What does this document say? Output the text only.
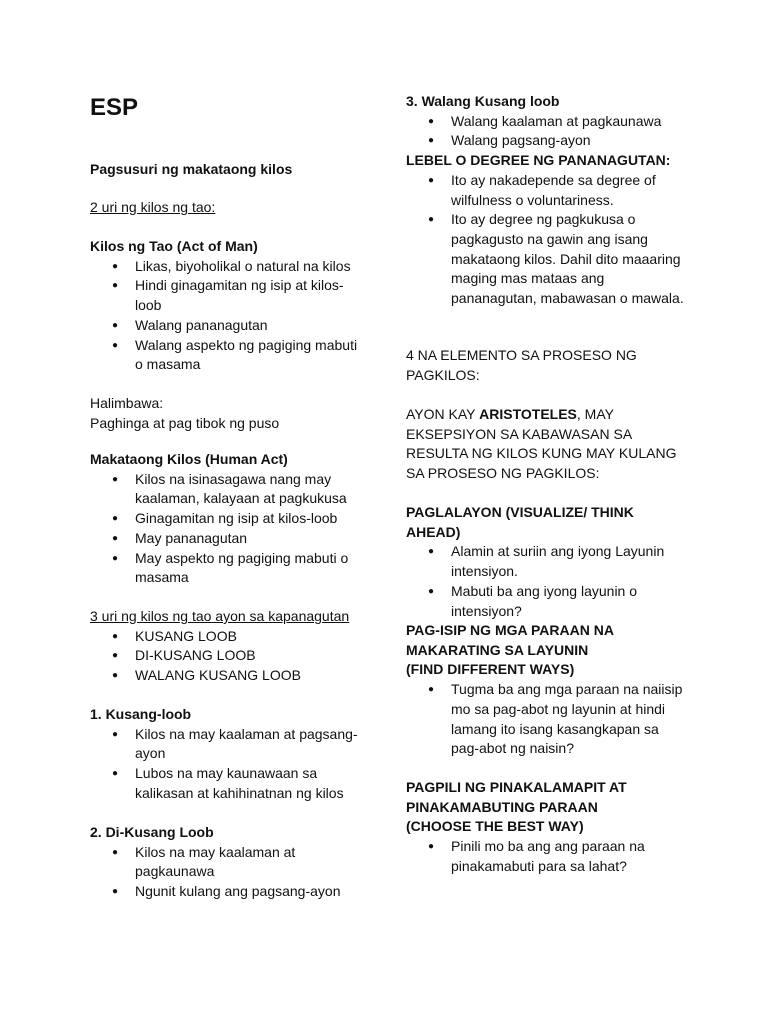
ESP

Pagsusuri ng makataong kilos

2 uri ng kilos ng tao:

Kilos ng Tao (Act of Man)

● Likas, biyoholikal o natural na kilos
● Hindi ginagamitan ng isip at kilos-loob
● Walang pananagutan
● Walang aspekto ng pagiging mabuti o masama

Halimbawa:

Paghinga at pag tibok ng puso

Makataong Kilos (Human Act)

● Kilos na isinasagawa nang may kaalaman, kalayaan at pagkukusa
● Ginagamitan ng isip at kilos-loob
● May pananagutan
● May aspekto ng pagiging mabuti o masama

3 uri ng kilos ng tao ayon sa kapanagutan

● KUSANG LOOB
● DI-KUSANG LOOB
● WALANG KUSANG LOOB

1. Kusang-loob

● Kilos na may kaalaman at pagsang-ayon
● Lubos na may kaunawaan sa kalikasan at kahihinatnan ng kilos

2. Di-Kusang Loob

● Kilos na may kaalaman at pagkaunawa
● Ngunit kulang ang pagsang-ayon

3. Walang Kusang loob

● Walang kaalaman at pagkaunawa
● Walang pagsang-ayon

LEBEL O DEGREE NG PANANAGUTAN:

● Ito ay nakadepende sa degree of wilfulness o voluntariness.
● Ito ay degree ng pagkukusa o pagkagusto na gawin ang isang makataong kilos. Dahil dito maaaring maging mas mataas ang pananagutan, mabawasan o mawala.

4 NA ELEMENTO SA PROSESO NG PAGKILOS:

AYON KAY ARISTOTELES, MAY EKSEPSIYON SA KABAWASAN SA RESULTA NG KILOS KUNG MAY KULANG SA PROSESO NG PAGKILOS:

PAGLALAYON (VISUALIZE/ THINK AHEAD)

● Alamin at suriin ang iyong Layunin intensiyon.
● Mabuti ba ang iyong layunin o intensiyon?

PAG-ISIP NG MGA PARAAN NA MAKARATING SA LAYUNIN

(FIND DIFFERENT WAYS)

● Tugma ba ang mga paraan na naiisip mo sa pag-abot ng layunin at hindi lamang ito isang kasangkapan sa pag-abot ng naisin?

PAGPILI NG PINAKALAMAPIT AT PINAKAMABUTING PARAAN

(CHOOSE THE BEST WAY)

● Pinili mo ba ang ang paraan na pinakamabuti para sa lahat?
